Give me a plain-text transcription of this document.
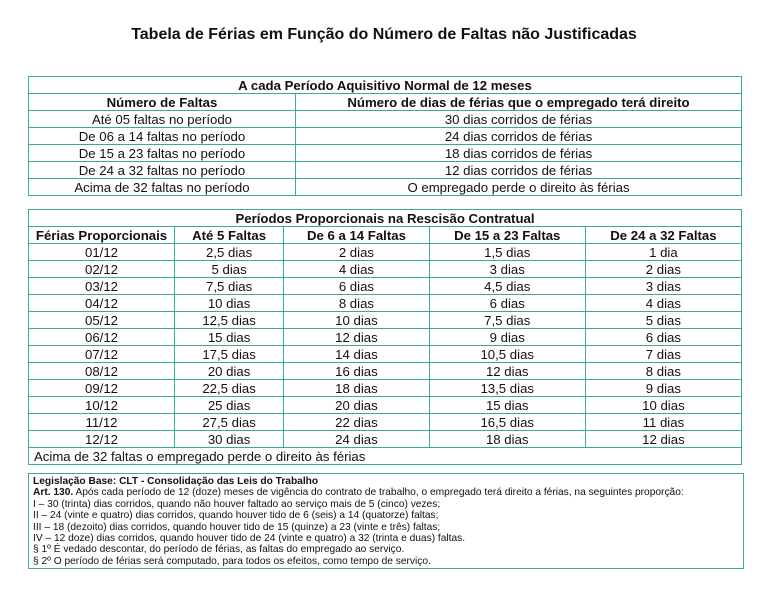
Tabela de Férias em Função do Número de Faltas não Justificadas
A cada Período Aquisitivo Normal de 12 meses	
Número de Faltas	Número de dias de férias que o empregado terá direito
Até 05 faltas no período	30 dias corridos de férias
De 06 a 14 faltas no período	24 dias corridos de férias
De 15 a 23 faltas no período	18 dias corridos de férias
De 24 a 32 faltas no período	12 dias corridos de férias
Acima de 32 faltas no período	O empregado perde o direito às férias
Períodos Proporcionais na Rescisão Contratual				
Férias Proporcionais	Até 5 Faltas	De 6 a 14 Faltas	De 15 a 23 Faltas	De 24 a 32 Faltas
01/12	2,5 dias	2 dias	1,5 dias	1 dia
02/12	5 dias	4 dias	3 dias	2 dias
03/12	7,5 dias	6 dias	4,5 dias	3 dias
04/12	10 dias	8 dias	6 dias	4 dias
05/12	12,5 dias	10 dias	7,5 dias	5 dias
06/12	15 dias	12 dias	9 dias	6 dias
07/12	17,5 dias	14 dias	10,5 dias	7 dias
08/12	20 dias	16 dias	12 dias	8 dias
09/12	22,5 dias	18 dias	13,5 dias	9 dias
10/12	25 dias	20 dias	15 dias	10 dias
11/12	27,5 dias	22 dias	16,5 dias	11 dias
12/12	30 dias	24 dias	18 dias	12 dias
Acima de 32 faltas o empregado perde o direito às férias				
Legislação Base: CLT - Consolidação das Leis do Trabalho
Art. 130. Após cada período de 12 (doze) meses de vigência do contrato de trabalho, o empregado terá direito a férias, na seguintes proporção:
I – 30 (trinta) dias corridos, quando não houver faltado ao serviço mais de 5 (cinco) vezes;
II – 24 (vinte e quatro) dias corridos, quando houver tido de 6 (seis) a 14 (quatorze) faltas;
III – 18 (dezoito) dias corridos, quando houver tido de 15 (quinze) a 23 (vinte e três) faltas;
IV – 12 doze) dias corridos, quando houver tido de 24 (vinte e quatro) a 32 (trinta e duas) faltas.
§ 1º É vedado descontar, do período de férias, as faltas do empregado ao serviço.
§ 2º O período de férias será computado, para todos os efeitos, como tempo de serviço.
